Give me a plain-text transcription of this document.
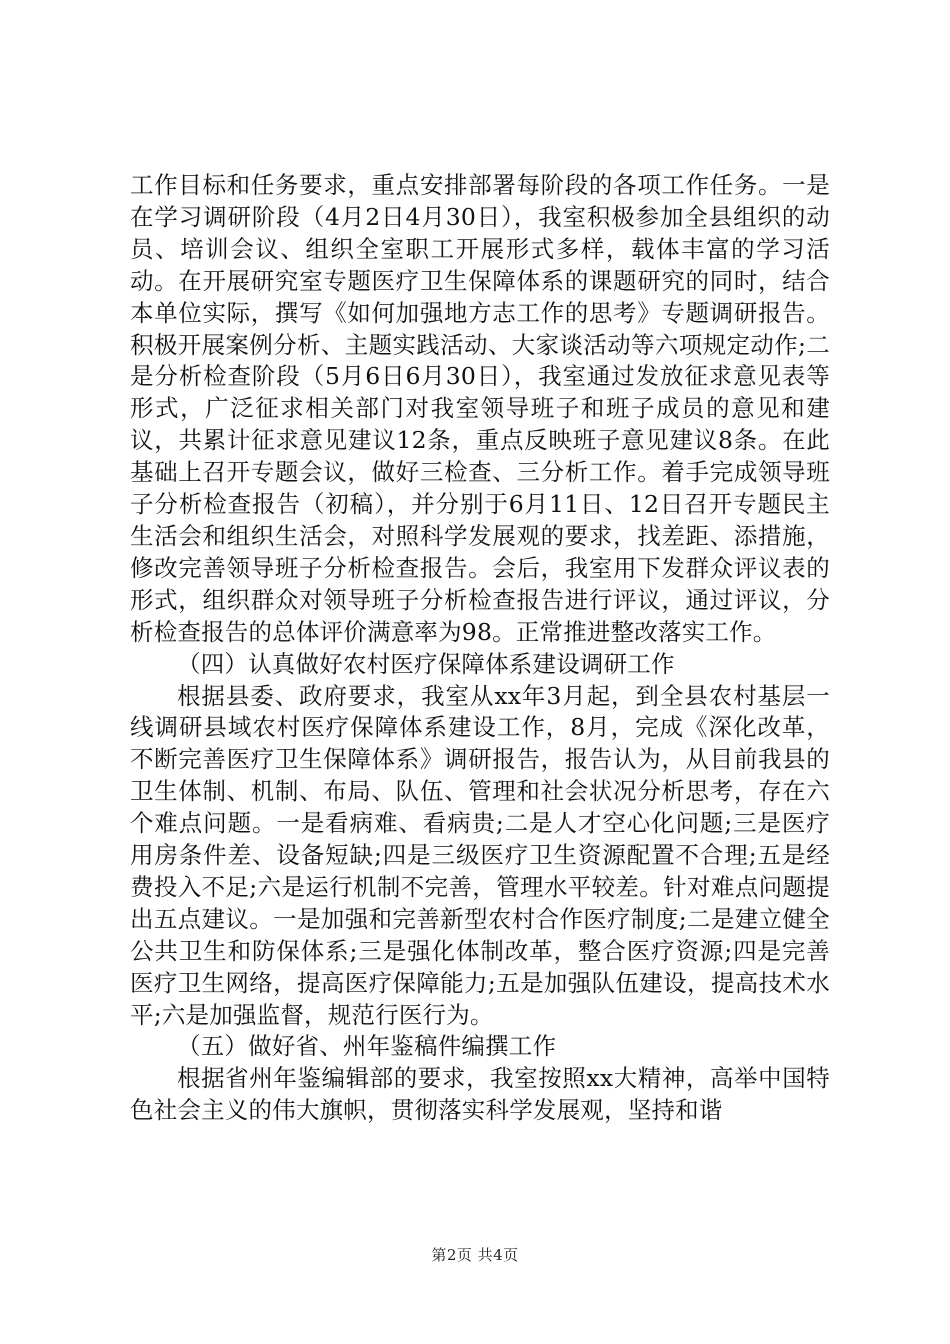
工作目标和任务要求，重点安排部署每阶段的各项工作任务。一是在学习调研阶段（4月2日4月30日），我室积极参加全县组织的动员、培训会议、组织全室职工开展形式多样，载体丰富的学习活动。在开展研究室专题医疗卫生保障体系的课题研究的同时，结合本单位实际，撰写《如何加强地方志工作的思考》专题调研报告。积极开展案例分析、主题实践活动、大家谈活动等六项规定动作;二是分析检查阶段（5月6日6月30日），我室通过发放征求意见表等形式，广泛征求相关部门对我室领导班子和班子成员的意见和建议，共累计征求意见建议12条，重点反映班子意见建议8条。在此基础上召开专题会议，做好三检查、三分析工作。着手完成领导班子分析检查报告（初稿），并分别于6月11日、12日召开专题民主生活会和组织生活会，对照科学发展观的要求，找差距、添措施，修改完善领导班子分析检查报告。会后，我室用下发群众评议表的形式，组织群众对领导班子分析检查报告进行评议，通过评议，分析检查报告的总体评价满意率为98。正常推进整改落实工作。

（四）认真做好农村医疗保障体系建设调研工作

根据县委、政府要求，我室从xx年3月起，到全县农村基层一线调研县域农村医疗保障体系建设工作，8月，完成《深化改革，不断完善医疗卫生保障体系》调研报告，报告认为，从目前我县的卫生体制、机制、布局、队伍、管理和社会状况分析思考，存在六个难点问题。一是看病难、看病贵;二是人才空心化问题;三是医疗用房条件差、设备短缺;四是三级医疗卫生资源配置不合理;五是经费投入不足;六是运行机制不完善，管理水平较差。针对难点问题提出五点建议。一是加强和完善新型农村合作医疗制度;二是建立健全公共卫生和防保体系;三是强化体制改革，整合医疗资源;四是完善医疗卫生网络，提高医疗保障能力;五是加强队伍建设，提高技术水平;六是加强监督，规范行医行为。

（五）做好省、州年鉴稿件编撰工作

根据省州年鉴编辑部的要求，我室按照xx大精神，高举中国特色社会主义的伟大旗帜，贯彻落实科学发展观，坚持和谐

第2页 共4页
